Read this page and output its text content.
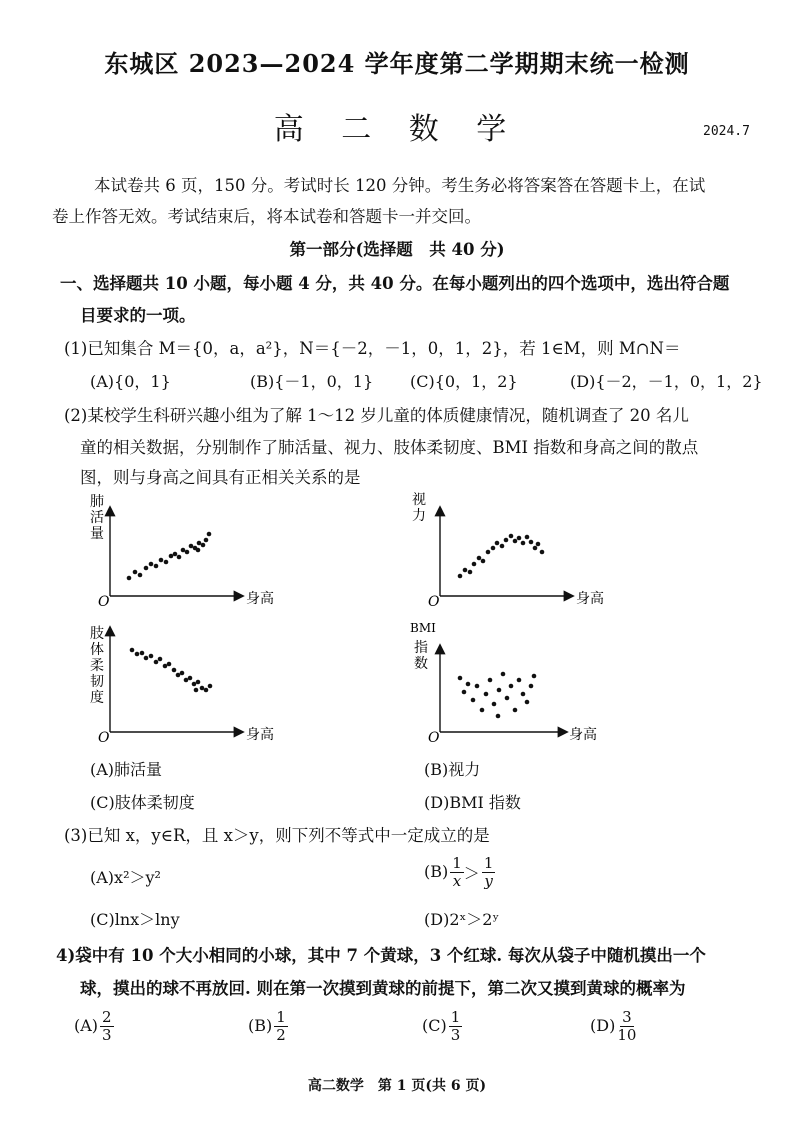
东城区 2023—2024 学年度第二学期期末统一检测
高 二 数 学	2024.7
本试卷共 6 页，150 分。考试时长 120 分钟。考生务必将答案答在答题卡上，在试
卷上作答无效。考试结束后，将本试卷和答题卡一并交回。
第一部分(选择题　共 40 分)
一、选择题共 10 小题，每小题 4 分，共 40 分。在每小题列出的四个选项中，选出符合题
目要求的一项。
(1)已知集合 M＝{0，a，a²}，N＝{－2，－1，0，1，2}，若 1∈M，则 M∩N＝
(A){0，1}	(B){－1，0，1} (C){0，1，2}	(D){－2，－1，0，1，2}
(2)某校学生科研兴趣小组为了解 1～12 岁儿童的体质健康情况，随机调查了 20 名儿
童的相关数据，分别制作了肺活量、视力、肢体柔韧度、BMI 指数和身高之间的散点
图，则与身高之间具有正相关关系的是
肺
活
量
O	身高
视
力
O	身高
肢
体
柔
韧
度
O	身高
BMI
指
数
O	身高
(A)肺活量	(B)视力
(C)肢体柔韧度	(D)BMI 指数
(3)已知 x，y∈R，且 x＞y，则下列不等式中一定成立的是
(A)x²＞y²	$(B) \frac{1}{x} > \frac{1}{y}$
(C)lnx＞lny	(D)2ˣ＞2ʸ
4)袋中有 10 个大小相同的小球，其中 7 个黄球，3 个红球. 每次从袋子中随机摸出一个
球，摸出的球不再放回. 则在第一次摸到黄球的前提下，第二次又摸到黄球的概率为
$(A) \frac{2}{3}$	$(B) \frac{1}{2}$	$(C) \frac{1}{3}$	$(D) \frac{3}{10}$
高二数学　第 1 页(共 6 页)
